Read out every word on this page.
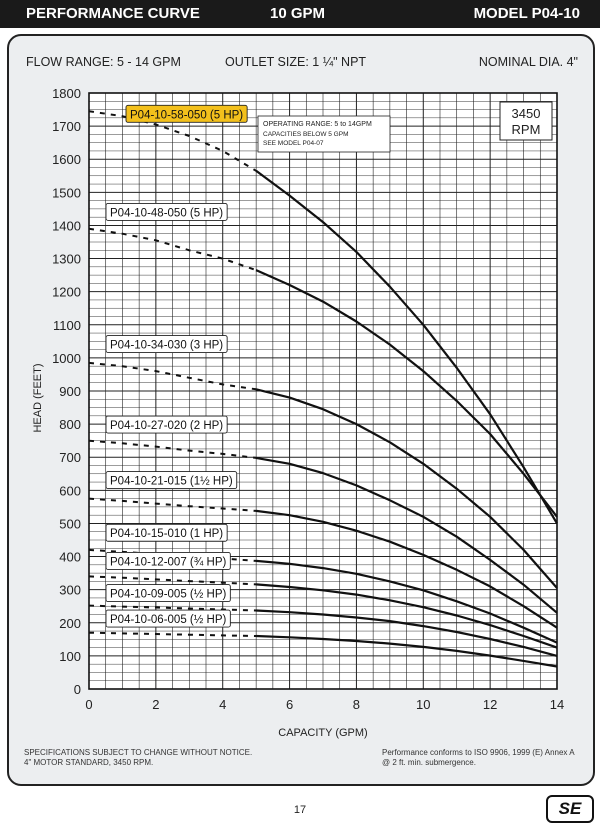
PERFORMANCE CURVE	10 GPM	MODEL P04-10
FLOW RANGE: 5 - 14 GPM	OUTLET SIZE: 1 ¼" NPT	NOMINAL DIA. 4"
0
100
200
300
400
500
600
700
800
900
1000
1100
1200
1300
1400
1500
1600
1700
1800
0	2	4	6	8	10	12	14
P04-10-58-050 (5 HP)
P04-10-48-050 (5 HP)
P04-10-34-030 (3 HP)
P04-10-27-020 (2 HP)
P04-10-21-015 (1½ HP)
P04-10-15-010 (1 HP)
P04-10-12-007 (¾ HP)
P04-10-09-005 (½ HP)
P04-10-06-005 (½ HP)
3450
RPM
OPERATING RANGE: 5 to 14GPM
CAPACITIES BELOW 5 GPM
SEE MODEL P04-07
HEAD (FEET)
CAPACITY (GPM)
SPECIFICATIONS SUBJECT TO CHANGE WITHOUT NOTICE.
4" MOTOR STANDARD, 3450 RPM.
Performance conforms to ISO 9906, 1999 (E) Annex A
@ 2 ft. min. submergence.
17	SE
